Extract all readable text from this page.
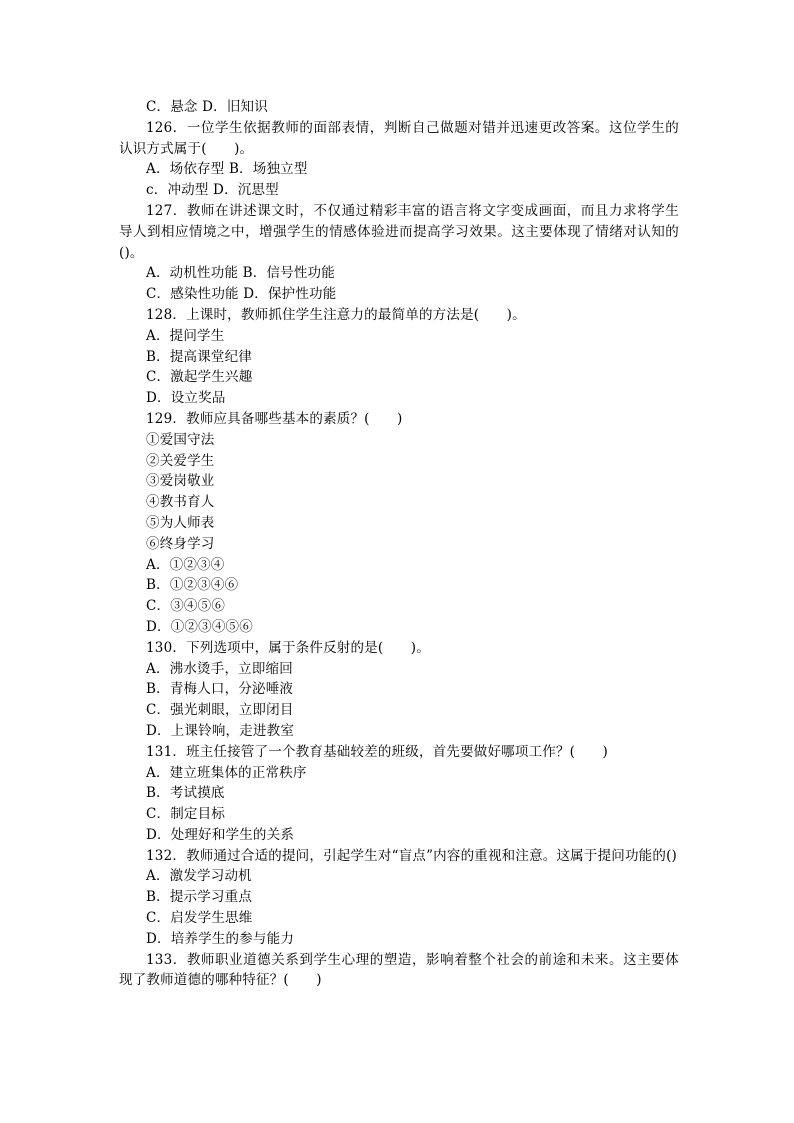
C．悬念 D．旧知识
126．一位学生依据教师的面部表情，判断自己做题对错并迅速更改答案。这位学生的认识方式属于(　　)。
A．场依存型 B．场独立型
c．冲动型 D．沉思型
127．教师在讲述课文时，不仅通过精彩丰富的语言将文字变成画面，而且力求将学生导人到相应情境之中，增强学生的情感体验进而提高学习效果。这主要体现了情绪对认知的()。
A．动机性功能 B．信号性功能
C．感染性功能 D．保护性功能
128．上课时，教师抓住学生注意力的最简单的方法是(　　)。
A．提问学生
B．提高课堂纪律
C．激起学生兴趣
D．设立奖品
129．教师应具备哪些基本的素质？(　　)
①爱国守法
②关爱学生
③爱岗敬业
④教书育人
⑤为人师表
⑥终身学习
A．①②③④
B．①②③④⑥
C．③④⑤⑥
D．①②③④⑤⑥
130．下列选项中，属于条件反射的是(　　)。
A．沸水烫手，立即缩回
B．青梅人口，分泌唾液
C．强光刺眼，立即闭目
D．上课铃响，走进教室
131．班主任接管了一个教育基础较差的班级，首先要做好哪项工作？(　　)
A．建立班集体的正常秩序
B．考试摸底
C．制定目标
D．处理好和学生的关系
132．教师通过合适的提问，引起学生对“盲点”内容的重视和注意。这属于提问功能的()
A．激发学习动机
B．提示学习重点
C．启发学生思维
D．培养学生的参与能力
133．教师职业道德关系到学生心理的塑造，影响着整个社会的前途和未来。这主要体现了教师道德的哪种特征？(　　)
